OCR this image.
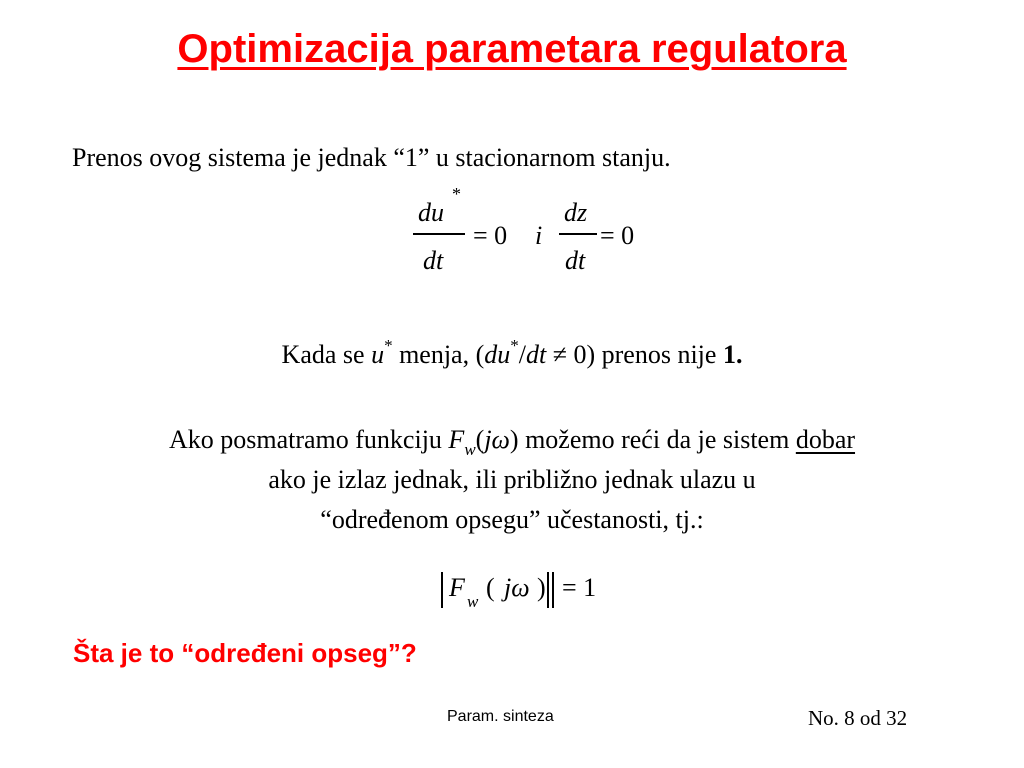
Optimizacija parametara regulatora
Prenos ovog sistema je jednak “1” u stacionarnom stanju.
du
*
dt
= 0 i
dz
dt
= 0
Kada se u* menja, (du*/dt ≠ 0) prenos nije 1.
Ako posmatramo funkciju $F_w(j\omega)$ možemo reći da je sistem dobar
ako je izlaz jednak, ili približno jednak ulazu u
“određenom opsegu” učestanosti, tj.:
F w ( jω ) = 1
Šta je to “određeni opseg”?
Param. sinteza	No. 8 od 32
